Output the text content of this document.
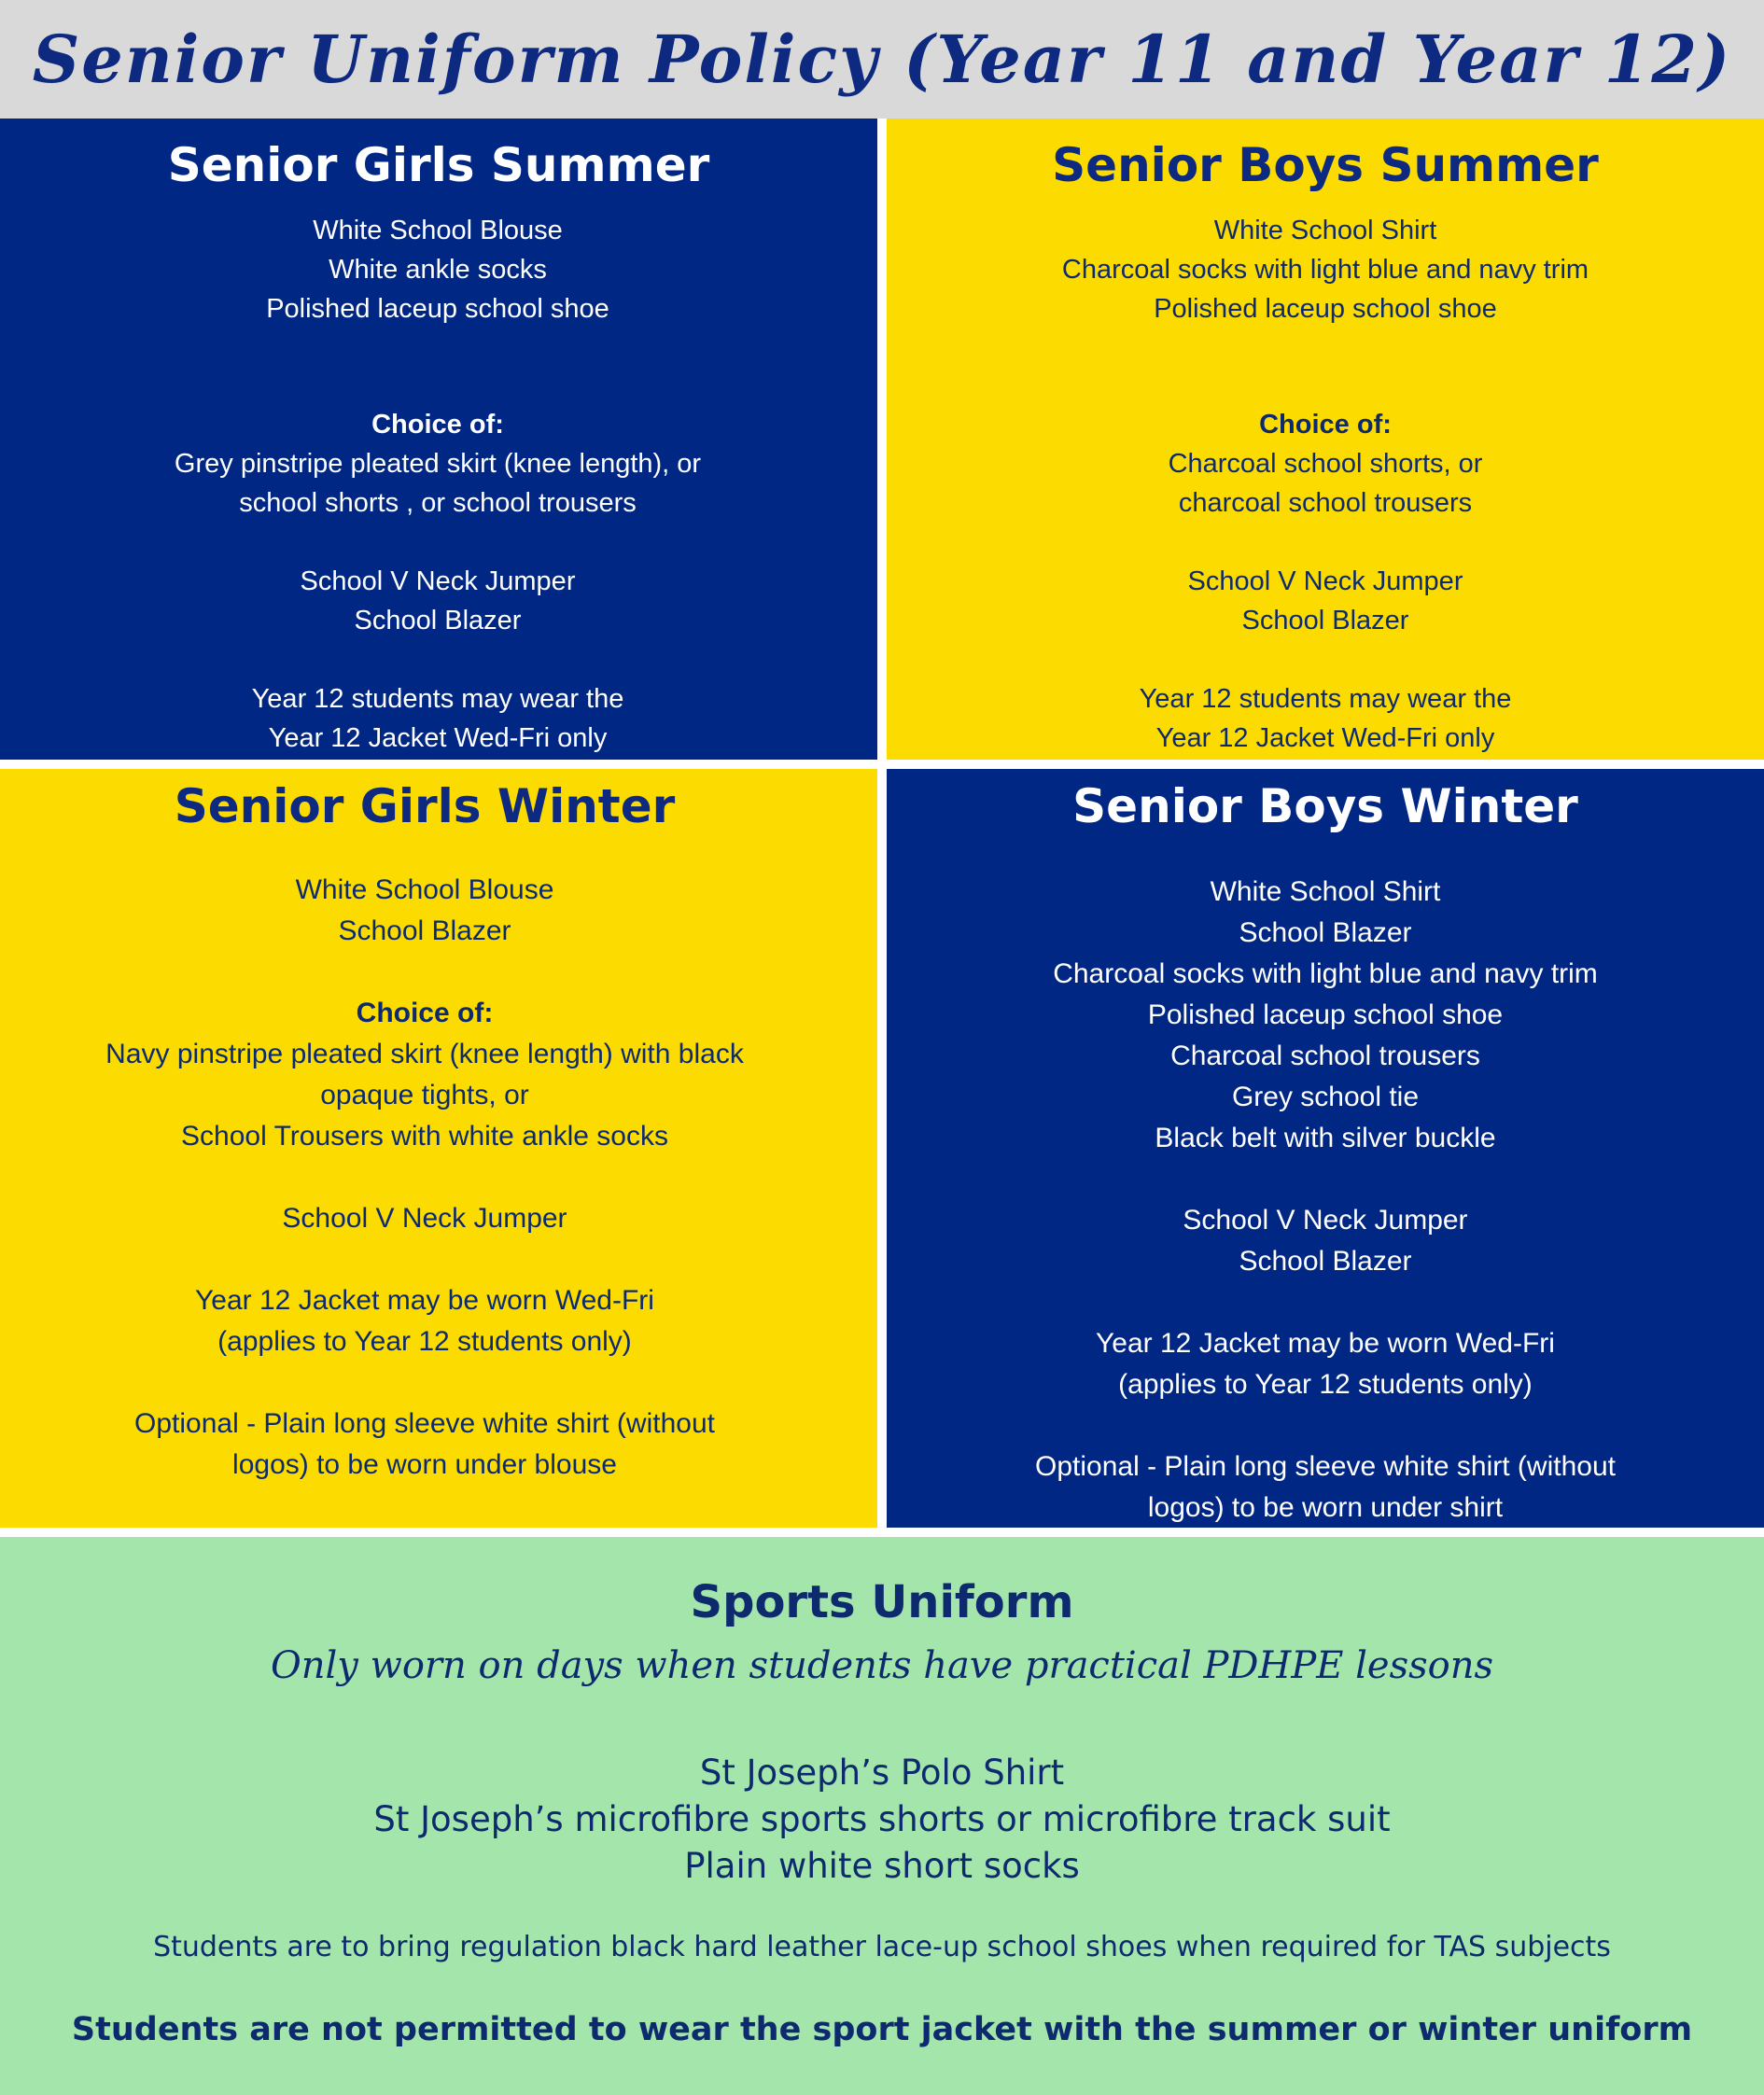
Senior Uniform Policy (Year 11 and Year 12)
Senior Girls Summer
White School Blouse
White ankle socks
Polished laceup school shoe
Choice of:
Grey pinstripe pleated skirt (knee length), or
school shorts , or school trousers
School V Neck Jumper
School Blazer
Year 12 students may wear the
Year 12 Jacket Wed-Fri only
Senior Boys Summer
White School Shirt
Charcoal socks with light blue and navy trim
Polished laceup school shoe
Choice of:
Charcoal school shorts, or
charcoal school trousers
School V Neck Jumper
School Blazer
Year 12 students may wear the
Year 12 Jacket Wed-Fri only
Senior Girls Winter
White School Blouse
School Blazer
Choice of:
Navy pinstripe pleated skirt (knee length) with black
opaque tights, or
School Trousers with white ankle socks
School V Neck Jumper
Year 12 Jacket may be worn Wed-Fri
(applies to Year 12 students only)
Optional - Plain long sleeve white shirt (without
logos) to be worn under blouse
Senior Boys Winter
White School Shirt
School Blazer
Charcoal socks with light blue and navy trim
Polished laceup school shoe
Charcoal school trousers
Grey school tie
Black belt with silver buckle
School V Neck Jumper
School Blazer
Year 12 Jacket may be worn Wed-Fri
(applies to Year 12 students only)
Optional - Plain long sleeve white shirt (without
logos) to be worn under shirt
Sports Uniform
Only worn on days when students have practical PDHPE lessons
St Joseph’s Polo Shirt
St Joseph’s microfibre sports shorts or microfibre track suit
Plain white short socks
Students are to bring regulation black hard leather lace-up school shoes when required for TAS subjects
Students are not permitted to wear the sport jacket with the summer or winter uniform
